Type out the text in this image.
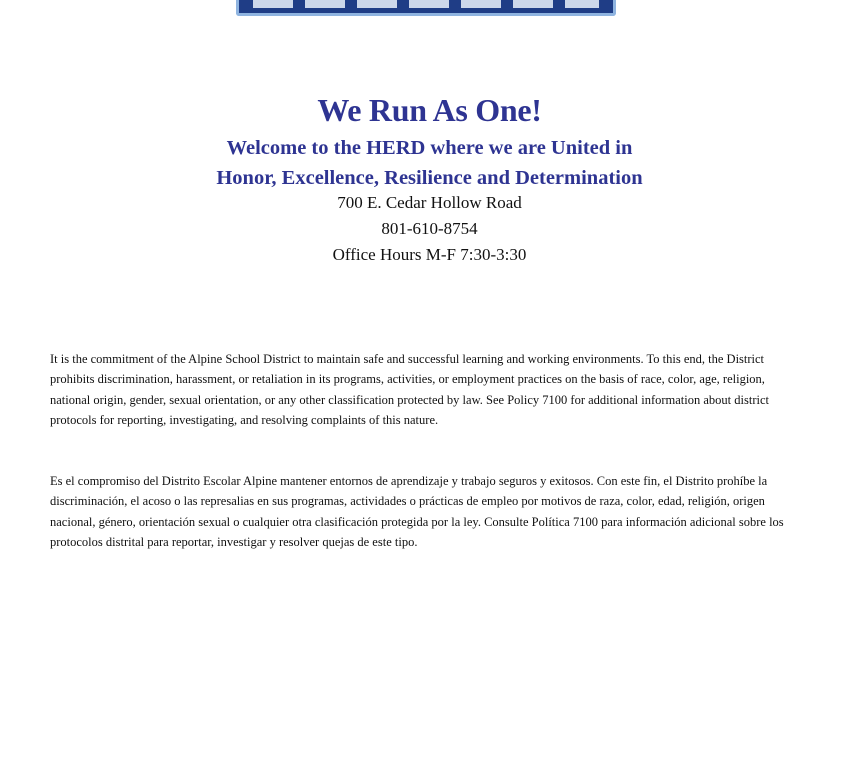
We Run As One!

Welcome to the HERD where we are United in

Honor, Excellence, Resilience and Determination

700 E. Cedar Hollow Road

801-610-8754

Office Hours M-F 7:30-3:30

It is the commitment of the Alpine School District to maintain safe and successful learning and working environments. To this end, the District prohibits discrimination, harassment, or retaliation in its programs, activities, or employment practices on the basis of race, color, age, religion, national origin, gender, sexual orientation, or any other classification protected by law. See Policy 7100 for additional information about district protocols for reporting, investigating, and resolving complaints of this nature.

Es el compromiso del Distrito Escolar Alpine mantener entornos de aprendizaje y trabajo seguros y exitosos. Con este fin, el Distrito prohíbe la discriminación, el acoso o las represalias en sus programas, actividades o prácticas de empleo por motivos de raza, color, edad, religión, origen nacional, género, orientación sexual o cualquier otra clasificación protegida por la ley. Consulte Política 7100 para información adicional sobre los protocolos distrital para reportar, investigar y resolver quejas de este tipo.
